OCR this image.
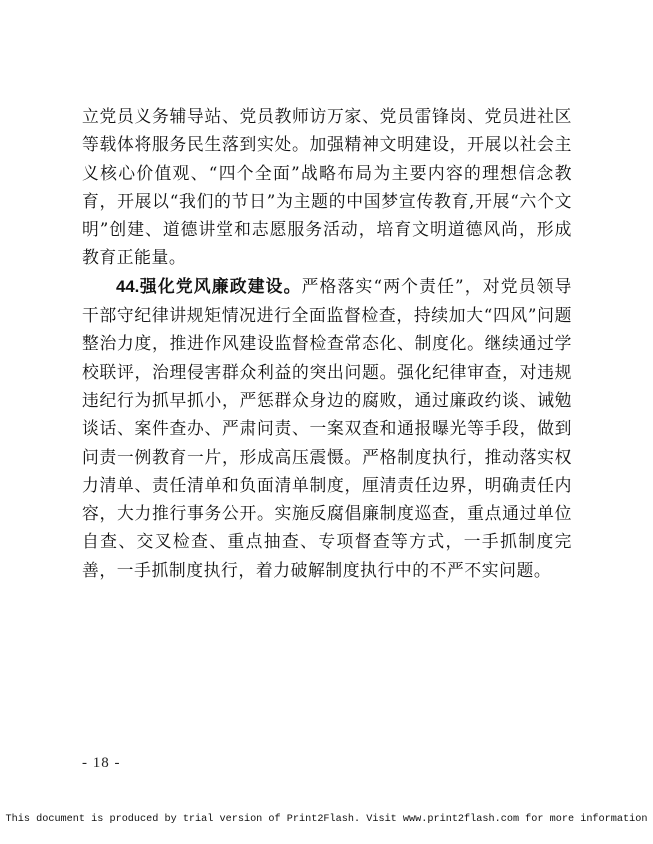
立党员义务辅导站、党员教师访万家、党员雷锋岗、党员进社区等载体将服务民生落到实处。加强精神文明建设，开展以社会主义核心价值观、“四个全面”战略布局为主要内容的理想信念教育，开展以“我们的节日”为主题的中国梦宣传教育,开展“六个文明”创建、道德讲堂和志愿服务活动，培育文明道德风尚，形成教育正能量。

44.强化党风廉政建设。严格落实“两个责任”，对党员领导干部守纪律讲规矩情况进行全面监督检查，持续加大“四风”问题整治力度，推进作风建设监督检查常态化、制度化。继续通过学校联评，治理侵害群众利益的突出问题。强化纪律审查，对违规违纪行为抓早抓小，严惩群众身边的腐败，通过廉政约谈、诫勉谈话、案件查办、严肃问责、一案双查和通报曝光等手段，做到问责一例教育一片，形成高压震慑。严格制度执行，推动落实权力清单、责任清单和负面清单制度，厘清责任边界，明确责任内容，大力推行事务公开。实施反腐倡廉制度巡查，重点通过单位自查、交叉检查、重点抽查、专项督查等方式，一手抓制度完善，一手抓制度执行，着力破解制度执行中的不严不实问题。

- 18 -
This document is produced by trial version of Print2Flash. Visit www.print2flash.com for more information
